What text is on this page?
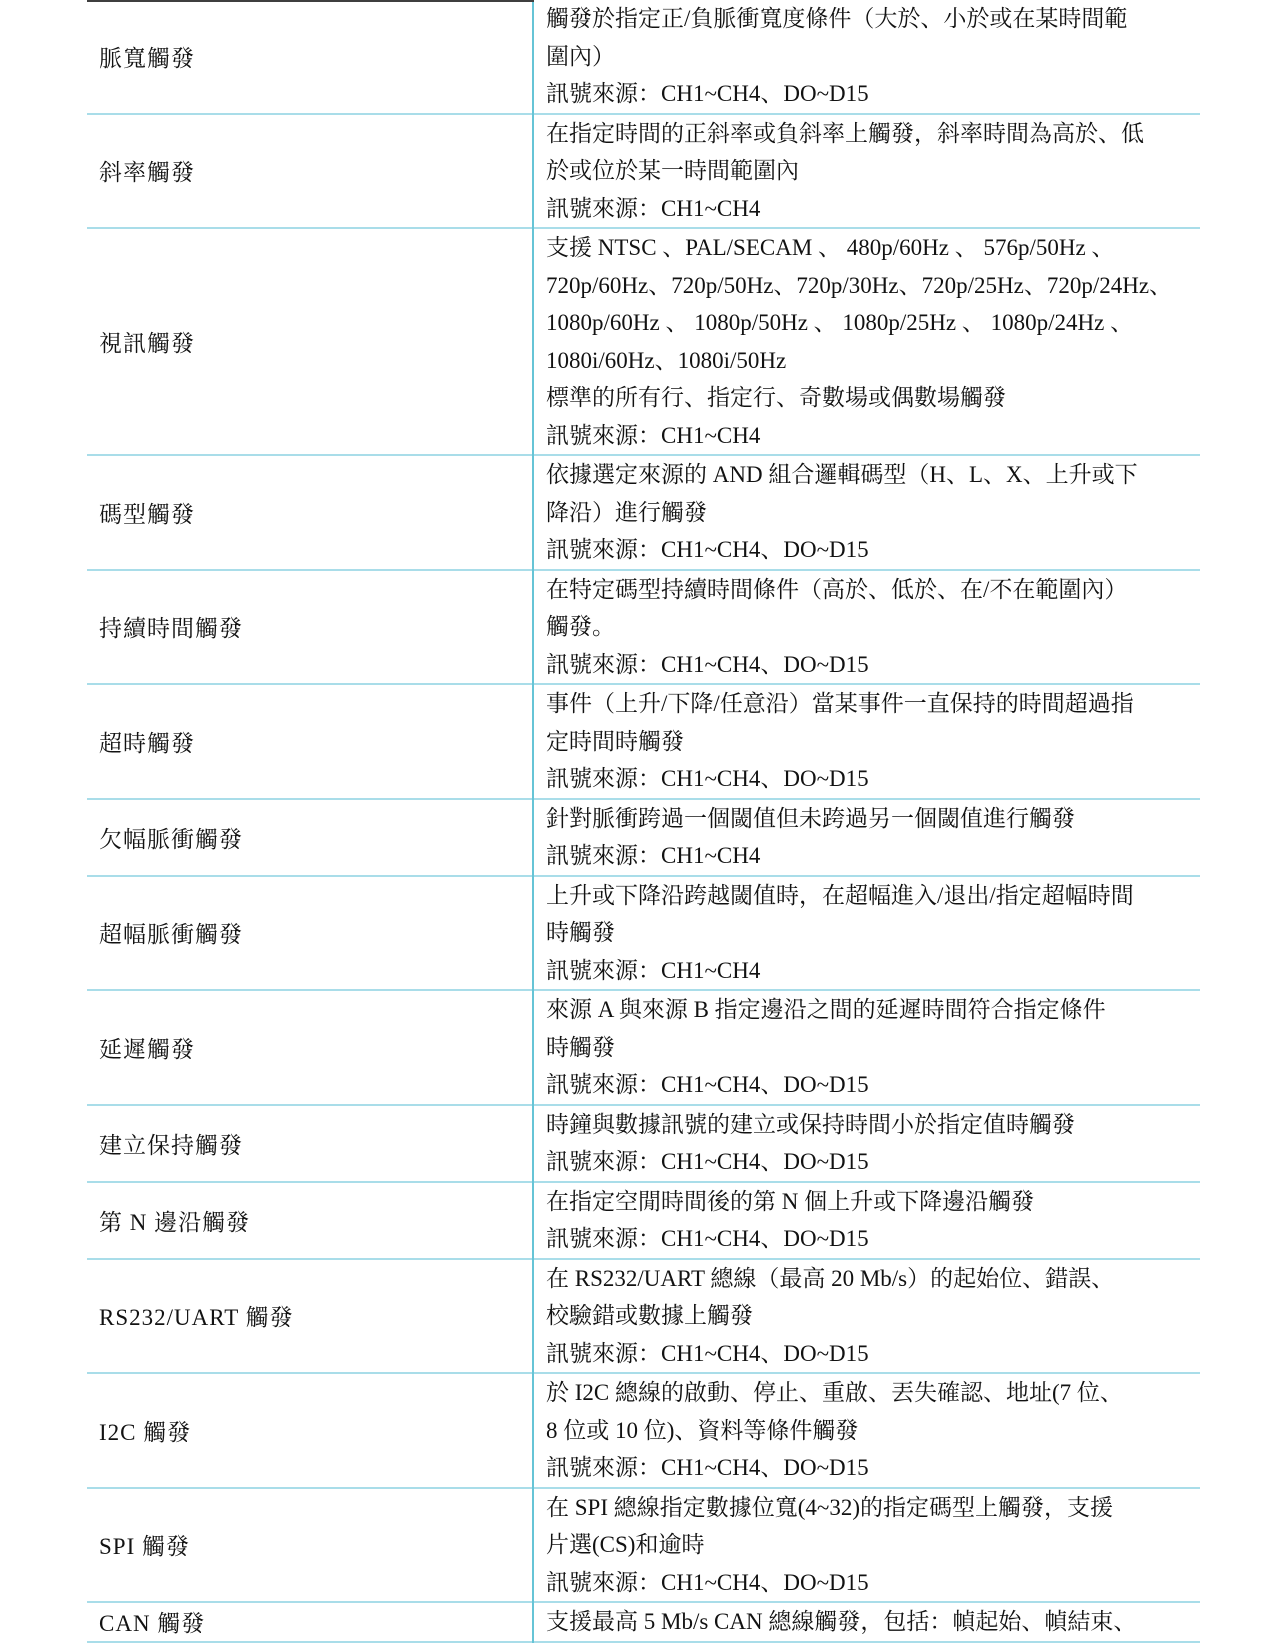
脈寬觸發
觸發於指定正/負脈衝寬度條件（大於、小於或在某時間範
圍內）
訊號來源：CH1~CH4、DO~D15
斜率觸發
在指定時間的正斜率或負斜率上觸發，斜率時間為高於、低
於或位於某一時間範圍內
訊號來源：CH1~CH4
視訊觸發
支援 NTSC 、PAL/SECAM 、 480p/60Hz 、 576p/50Hz 、
720p/60Hz、720p/50Hz、720p/30Hz、720p/25Hz、720p/24Hz、
1080p/60Hz 、 1080p/50Hz 、 1080p/25Hz 、 1080p/24Hz 、
1080i/60Hz、1080i/50Hz
標準的所有行、指定行、奇數場或偶數場觸發
訊號來源：CH1~CH4
碼型觸發
依據選定來源的 AND 組合邏輯碼型（H、L、X、上升或下
降沿）進行觸發
訊號來源：CH1~CH4、DO~D15
持續時間觸發
在特定碼型持續時間條件（高於、低於、在/不在範圍內）
觸發。
訊號來源：CH1~CH4、DO~D15
超時觸發
事件（上升/下降/任意沿）當某事件一直保持的時間超過指
定時間時觸發
訊號來源：CH1~CH4、DO~D15
欠幅脈衝觸發
針對脈衝跨過一個閾值但未跨過另一個閾值進行觸發
訊號來源：CH1~CH4
超幅脈衝觸發
上升或下降沿跨越閾值時，在超幅進入/退出/指定超幅時間
時觸發
訊號來源：CH1~CH4
延遲觸發
來源 A 與來源 B 指定邊沿之間的延遲時間符合指定條件
時觸發
訊號來源：CH1~CH4、DO~D15
建立保持觸發
時鐘與數據訊號的建立或保持時間小於指定值時觸發
訊號來源：CH1~CH4、DO~D15
第 N 邊沿觸發
在指定空閒時間後的第 N 個上升或下降邊沿觸發
訊號來源：CH1~CH4、DO~D15
RS232/UART 觸發
在 RS232/UART 總線（最高 20 Mb/s）的起始位、錯誤、
校驗錯或數據上觸發
訊號來源：CH1~CH4、DO~D15
I2C 觸發
於 I2C 總線的啟動、停止、重啟、丟失確認、地址(7 位、
8 位或 10 位)、資料等條件觸發
訊號來源：CH1~CH4、DO~D15
SPI 觸發
在 SPI 總線指定數據位寬(4~32)的指定碼型上觸發，支援
片選(CS)和逾時
訊號來源：CH1~CH4、DO~D15
CAN 觸發	支援最高 5 Mb/s CAN 總線觸發，包括：幀起始、幀結束、
